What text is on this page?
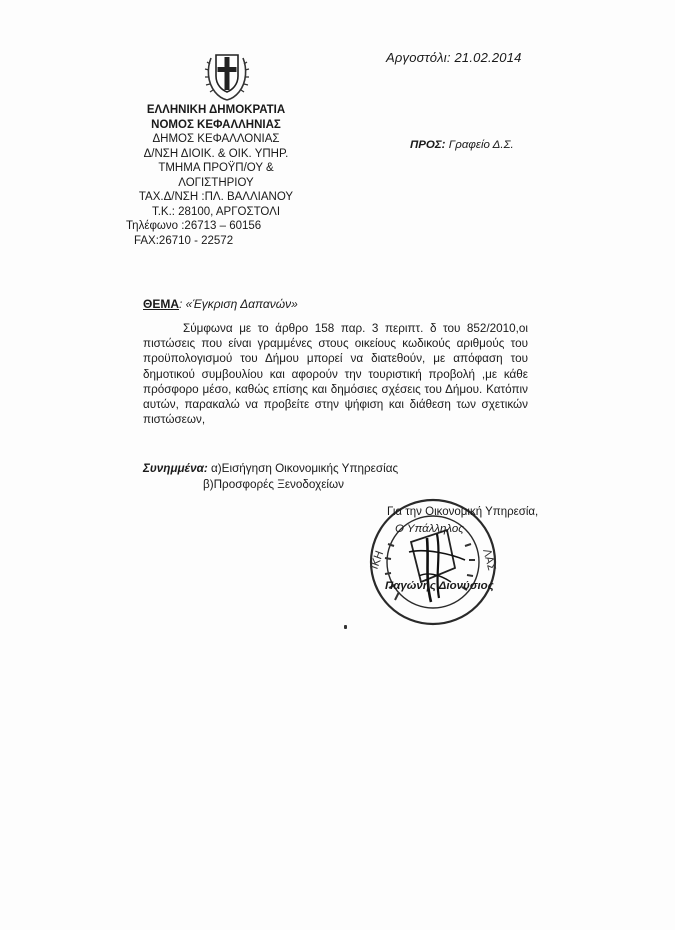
Αργοστόλι: 21.02.2014
ΕΛΛΗΝΙΚΗ ΔΗΜΟΚΡΑΤΙΑ
ΝΟΜΟΣ ΚΕΦΑΛΛΗΝΙΑΣ
ΔΗΜΟΣ ΚΕΦΑΛΛΟΝΙΑΣ
Δ/ΝΣΗ ΔΙΟΙΚ. & ΟΙΚ. ΥΠΗΡ.
ΤΜΗΜΑ ΠΡΟΫΠ/ΟΥ &
ΛΟΓΙΣΤΗΡΙΟΥ
ΤΑΧ.Δ/ΝΣΗ :ΠΛ. ΒΑΛΛΙΑΝΟΥ
Τ.Κ.: 28100, ΑΡΓΟΣΤΟΛΙ
Τηλέφωνο :26713 – 60156
FAX:26710 - 22572
ΠΡΟΣ: Γραφείο Δ.Σ.
ΘΕΜΑ: «Έγκριση Δαπανών»
Σύμφωνα με το άρθρο 158 παρ. 3 περιπτ. δ του 852/2010,οι πιστώσεις που είναι γραμμένες στους οικείους κωδικούς αριθμούς του προϋπολογισμού του Δήμου μπορεί να διατεθούν, με απόφαση του δημοτικού συμβουλίου και αφορούν την τουριστική προβολή ,με κάθε πρόσφορο μέσο, καθώς επίσης και δημόσιες σχέσεις του Δήμου. Κατόπιν αυτών, παρακαλώ να προβείτε στην ψήφιση και διάθεση των σχετικών πιστώσεων,
Συνημμένα: α)Εισήγηση Οικονομικής Υπηρεσίας
β)Προσφορές Ξενοδοχείων
ΙΚΗ	ΛΑΣ
Για την Οικονομική Υπηρεσία,
Ο Υπάλληλος
Παγώνης Διονύσιος
